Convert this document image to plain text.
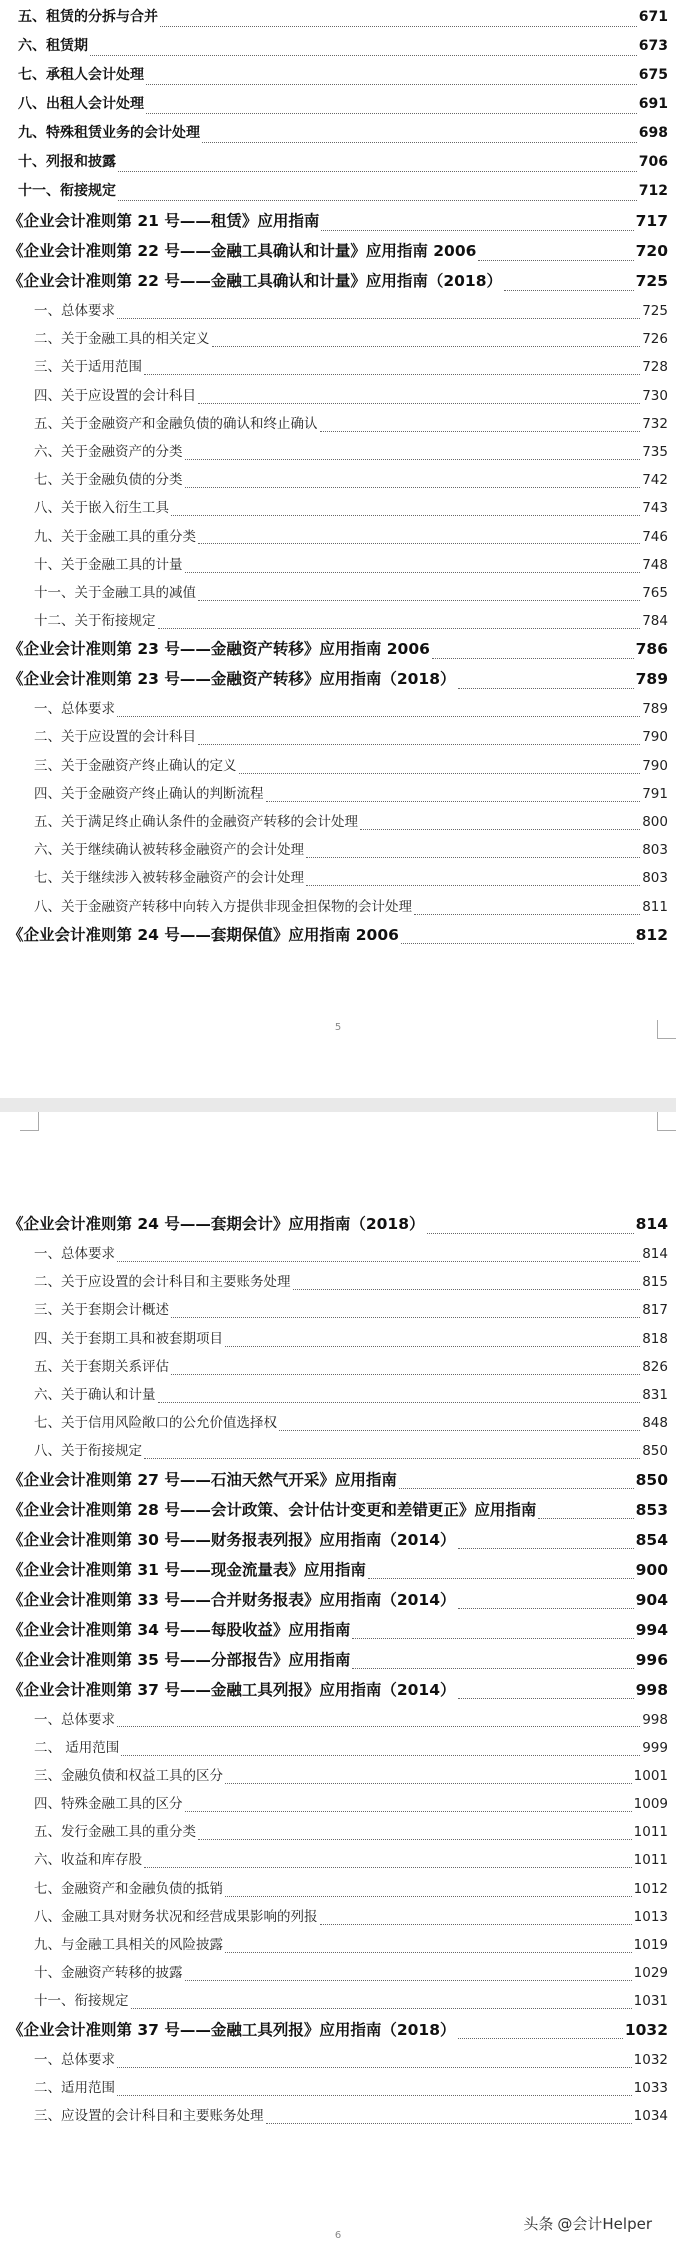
5
五、租赁的分拆与合并	671
六、租赁期	673
七、承租人会计处理	675
八、出租人会计处理	691
九、特殊租赁业务的会计处理	698
十、列报和披露	706
十一、衔接规定	712
《企业会计准则第 21 号——租赁》应用指南	717
《企业会计准则第 22 号——金融工具确认和计量》应用指南 2006	720
《企业会计准则第 22 号——金融工具确认和计量》应用指南（2018）	725
一、总体要求	725
二、关于金融工具的相关定义	726
三、关于适用范围	728
四、关于应设置的会计科目	730
五、关于金融资产和金融负债的确认和终止确认	732
六、关于金融资产的分类	735
七、关于金融负债的分类	742
八、关于嵌入衍生工具	743
九、关于金融工具的重分类	746
十、关于金融工具的计量	748
十一、关于金融工具的减值	765
十二、关于衔接规定	784
《企业会计准则第 23 号——金融资产转移》应用指南 2006	786
《企业会计准则第 23 号——金融资产转移》应用指南（2018）	789
一、总体要求	789
二、关于应设置的会计科目	790
三、关于金融资产终止确认的定义	790
四、关于金融资产终止确认的判断流程	791
五、关于满足终止确认条件的金融资产转移的会计处理	800
六、关于继续确认被转移金融资产的会计处理	803
七、关于继续涉入被转移金融资产的会计处理	803
八、关于金融资产转移中向转入方提供非现金担保物的会计处理	811
《企业会计准则第 24 号——套期保值》应用指南 2006	812
6
《企业会计准则第 24 号——套期会计》应用指南（2018）	814
一、总体要求	814
二、关于应设置的会计科目和主要账务处理	815
三、关于套期会计概述	817
四、关于套期工具和被套期项目	818
五、关于套期关系评估	826
六、关于确认和计量	831
七、关于信用风险敞口的公允价值选择权	848
八、关于衔接规定	850
《企业会计准则第 27 号——石油天然气开采》应用指南	850
《企业会计准则第 28 号——会计政策、会计估计变更和差错更正》应用指南	853
《企业会计准则第 30 号——财务报表列报》应用指南（2014）	854
《企业会计准则第 31 号——现金流量表》应用指南	900
《企业会计准则第 33 号——合并财务报表》应用指南（2014）	904
《企业会计准则第 34 号——每股收益》应用指南	994
《企业会计准则第 35 号——分部报告》应用指南	996
《企业会计准则第 37 号——金融工具列报》应用指南（2014）	998
一、总体要求	998
二、 适用范围	999
三、金融负债和权益工具的区分	1001
四、特殊金融工具的区分	1009
五、发行金融工具的重分类	1011
六、收益和库存股	1011
七、金融资产和金融负债的抵销	1012
八、金融工具对财务状况和经营成果影响的列报	1013
九、与金融工具相关的风险披露	1019
十、金融资产转移的披露	1029
十一、衔接规定	1031
《企业会计准则第 37 号——金融工具列报》应用指南（2018）	1032
一、总体要求	1032
二、适用范围	1033
三、应设置的会计科目和主要账务处理	1034
头条 @会计Helper
